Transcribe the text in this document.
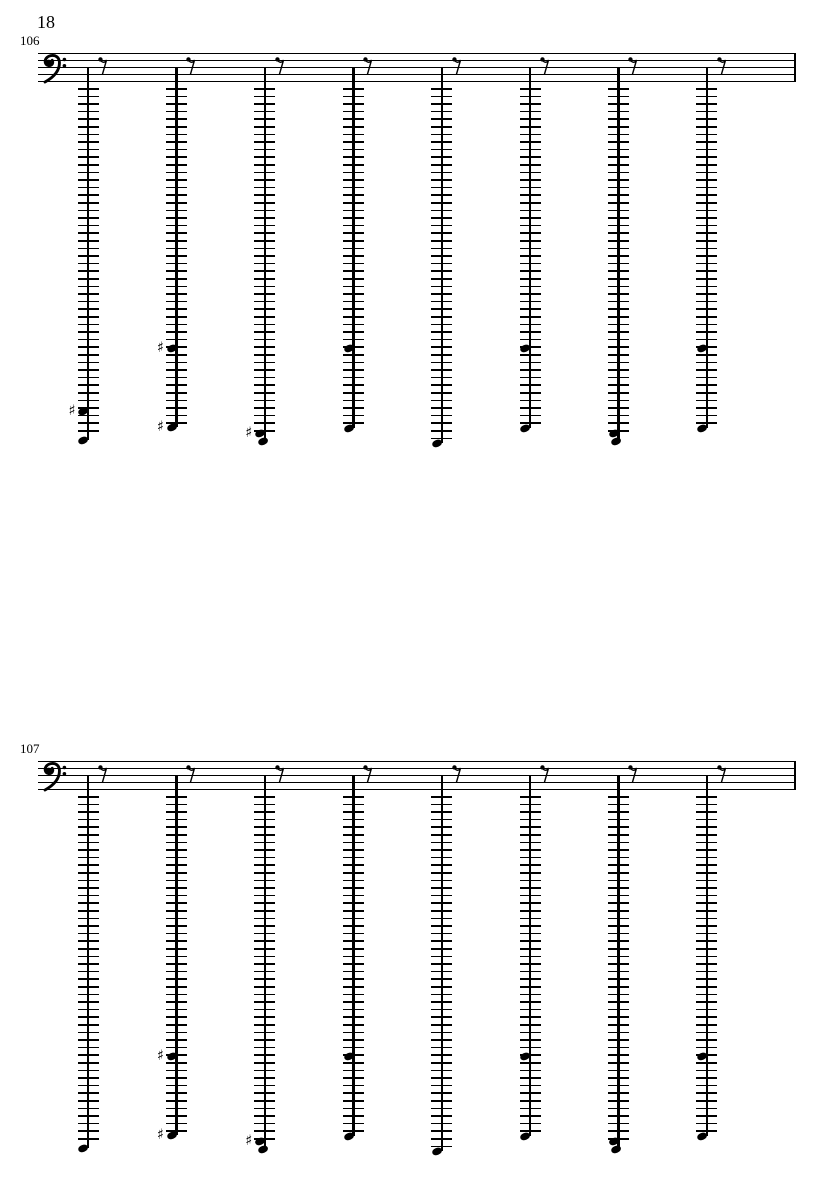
18
106
♯
♯
♯	♯
107
♯
♯	♯
